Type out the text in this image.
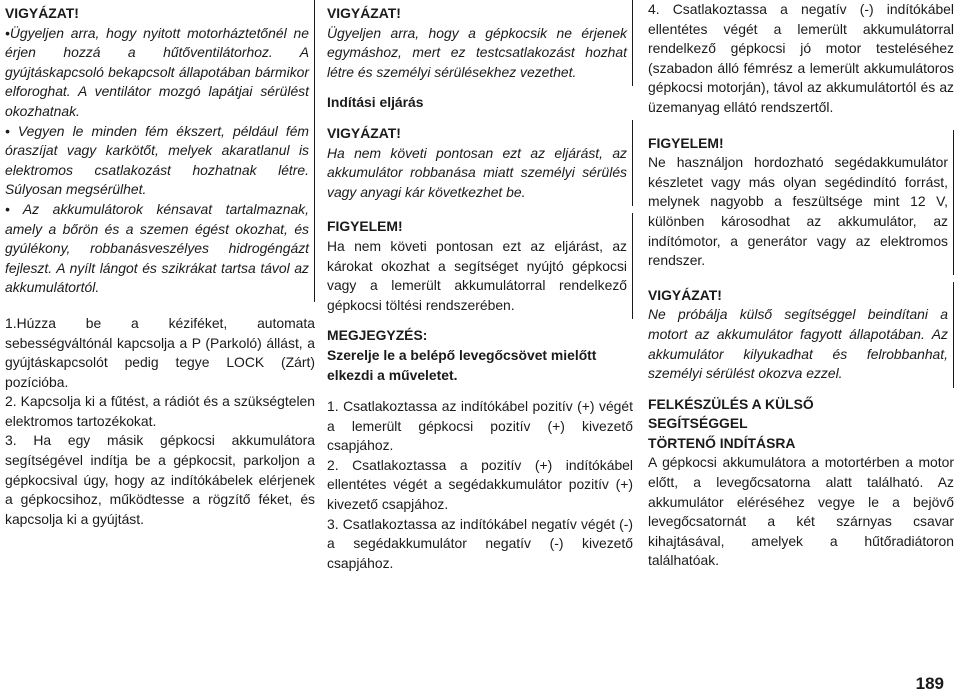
VIGYÁZAT!

•Ügyeljen arra, hogy nyitott motorháztetőnél ne érjen hozzá a hűtőventilátorhoz. A gyújtáskapcsoló bekapcsolt állapotában bármikor elforoghat. A ventilátor mozgó lapátjai sérülést okozhatnak.

• Vegyen le minden fém ékszert, például fém óraszíjat vagy karkötőt, melyek akaratlanul is elektromos csatlakozást hozhatnak létre. Súlyosan megsérülhet.

• Az akkumulátorok kénsavat tartalmaznak, amely a bőrön és a szemen égést okozhat, és gyúlékony, robbanásveszélyes hidrogéngázt fejleszt. A nyílt lángot és szikrákat tartsa távol az akkumulátortól.

1.Húzza be a kéziféket, automata sebességváltónál kapcsolja a P (Parkoló) állást, a gyújtáskapcsolót pedig tegye LOCK (Zárt) pozícióba.

2. Kapcsolja ki a fűtést, a rádiót és a szükségtelen elektromos tartozékokat.

3. Ha egy másik gépkocsi akkumulátora segítségével indítja be a gépkocsit, parkoljon a gépkocsival úgy, hogy az indítókábelek elérjenek a gépkocsihoz, működtesse a rögzítő féket, és kapcsolja ki a gyújtást.

VIGYÁZAT!

Ügyeljen arra, hogy a gépkocsik ne érjenek egymáshoz, mert ez testcsatlakozást hozhat létre és személyi sérülésekhez vezethet.

Indítási eljárás

VIGYÁZAT!

Ha nem követi pontosan ezt az eljárást, az akkumulátor robbanása miatt személyi sérülés vagy anyagi kár következhet be.

FIGYELEM!

Ha nem követi pontosan ezt az eljárást, az károkat okozhat a segítséget nyújtó gépkocsi vagy a lemerült akkumulátorral rendelkező gépkocsi töltési rendszerében.

MEGJEGYZÉS:

Szerelje le a belépő levegőcsövet mielőtt elkezdi a műveletet.

1. Csatlakoztassa az indítókábel pozitív (+) végét a lemerült gépkocsi pozitív (+) kivezető csapjához.

2. Csatlakoztassa a pozitív (+) indítókábel ellentétes végét a segédakkumulátor pozitív (+) kivezető csapjához.

3. Csatlakoztassa az indítókábel negatív végét (-) a segédakkumulátor negatív (-) kivezető csapjához.

4. Csatlakoztassa a negatív (-) indítókábel ellentétes végét a lemerült akkumulátorral rendelkező gépkocsi jó motor testeléséhez (szabadon álló fémrész a lemerült akkumulátoros gépkocsi motorján), távol az akkumulátortól és az üzemanyag ellátó rendszertől.

FIGYELEM!

Ne használjon hordozható segédakkumulátor készletet vagy más olyan segédindító forrást, melynek nagyobb a feszültsége mint 12 V, különben károsodhat az akkumulátor, az indítómotor, a generátor vagy az elektromos rendszer.

VIGYÁZAT!

Ne próbálja külső segítséggel beindítani a motort az akkumulátor fagyott állapotában. Az akkumulátor kilyukadhat és felrobbanhat, személyi sérülést okozva ezzel.

FELKÉSZÜLÉS A KÜLSŐ

SEGÍTSÉGGEL

TÖRTENŐ INDÍTÁSRA

A gépkocsi akkumulátora a motortérben a motor előtt, a levegőcsatorna alatt található. Az akkumulátor eléréséhez vegye le a bejövő levegőcsatornát a két szárnyas csavar kihajtásával, amelyek a hűtőradiátoron találhatóak.

189
